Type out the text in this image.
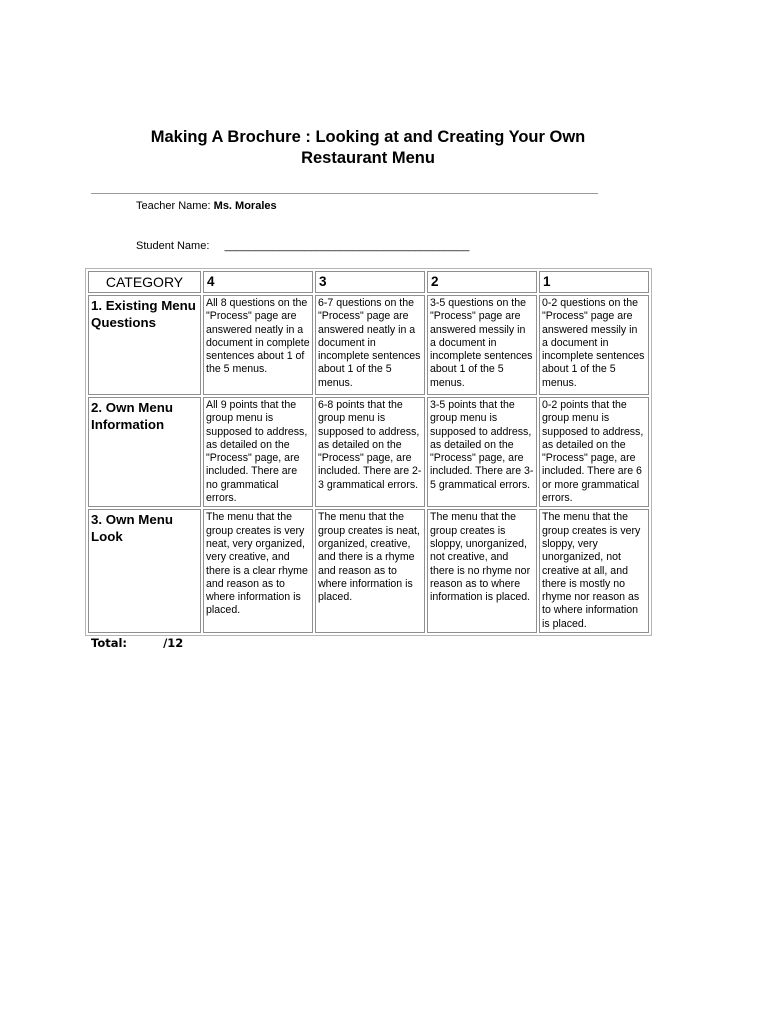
Making A Brochure : Looking at and Creating Your Own
Restaurant Menu
Teacher Name: Ms. Morales
Student Name: ________________________________________
CATEGORY	4	3	2	1
1. Existing Menu Questions	All 8 questions on the "Process" page are answered neatly in a document in complete sentences about 1 of the 5 menus.	6-7 questions on the "Process" page are answered neatly in a document in incomplete sentences about 1 of the 5 menus.	3-5 questions on the "Process" page are answered messily in a document in incomplete sentences about 1 of the 5 menus.	0-2 questions on the "Process" page are answered messily in a document in incomplete sentences about 1 of the 5 menus.
2. Own Menu Information	All 9 points that the group menu is supposed to address, as detailed on the "Process" page, are included. There are no grammatical errors.	6-8 points that the group menu is supposed to address, as detailed on the "Process" page, are included. There are 2-3 grammatical errors.	3-5 points that the group menu is supposed to address, as detailed on the "Process" page, are included. There are 3-5 grammatical errors.	0-2 points that the group menu is supposed to address, as detailed on the "Process" page, are included. There are 6 or more grammatical errors.
3. Own Menu Look	The menu that the group creates is very neat, very organized, very creative, and there is a clear rhyme and reason as to where information is placed.	The menu that the group creates is neat, organized, creative, and there is a rhyme and reason as to where information is placed.	The menu that the group creates is sloppy, unorganized, not creative, and there is no rhyme nor reason as to where information is placed.	The menu that the group creates is very sloppy, very unorganized, not creative at all, and there is mostly no rhyme nor reason as to where information is placed.
Total:	/12
